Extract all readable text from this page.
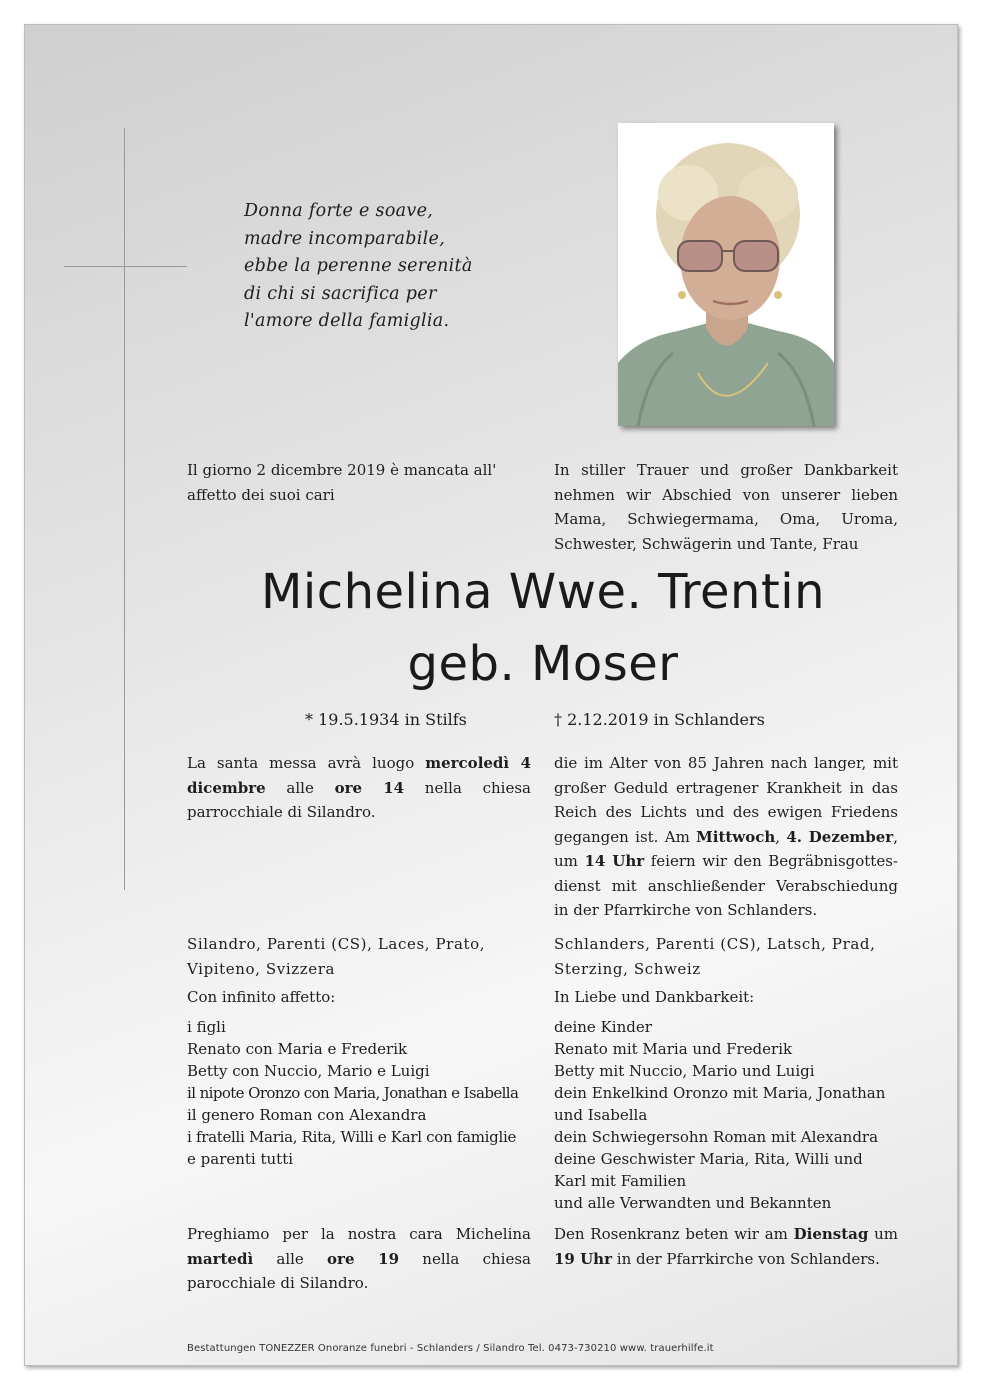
Donna forte e soave,
madre incomparabile,
ebbe la perenne serenità
di chi si sacrifica per
l'amore della famiglia.

Il giorno 2 dicembre 2019 è mancata all' affetto dei suoi cari

In stiller Trauer und großer Dankbarkeit nehmen wir Abschied von unserer lieben Mama, Schwiegermama, Oma, Uroma, Schwester, Schwägerin und Tante, Frau

Michelina Wwe. Trentin
geb. Moser
* 19.5.1934 in Stilfs	† 2.12.2019 in Schlanders

La santa messa avrà luogo mercoledì 4 dicembre alle ore 14 nella chiesa parrocchiale di Silandro.

die im Alter von 85 Jahren nach langer, mit großer Geduld ertragener Krankheit in das Reich des Lichts und des ewigen Friedens gegangen ist. Am Mittwoch, 4. Dezember, um 14 Uhr feiern wir den Begräbnisgottesdienst mit anschließender Verabschiedung in der Pfarrkirche von Schlanders.

Silandro, Parenti (CS), Laces, Prato, Vipiteno, Svizzera

Schlanders, Parenti (CS), Latsch, Prad, Sterzing, Schweiz

Con infinito affetto:	In Liebe und Dankbarkeit:

i figli
Renato con Maria e Frederik
Betty con Nuccio, Mario e Luigi
il nipote Oronzo con Maria, Jonathan e Isabella
il genero Roman con Alexandra
i fratelli Maria, Rita, Willi e Karl con famiglie
e parenti tutti
deine Kinder
Renato mit Maria und Frederik
Betty mit Nuccio, Mario und Luigi
dein Enkelkind Oronzo mit Maria, Jonathan und Isabella
dein Schwiegersohn Roman mit Alexandra
deine Geschwister Maria, Rita, Willi und Karl mit Familien
und alle Verwandten und Bekannten

Preghiamo per la nostra cara Michelina martedì alle ore 19 nella chiesa parocchiale di Silandro.

Den Rosenkranz beten wir am Dienstag um 19 Uhr in der Pfarrkirche von Schlanders.

Bestattungen TONEZZER Onoranze funebri - Schlanders / Silandro Tel. 0473-730210 www. trauerhilfe.it
